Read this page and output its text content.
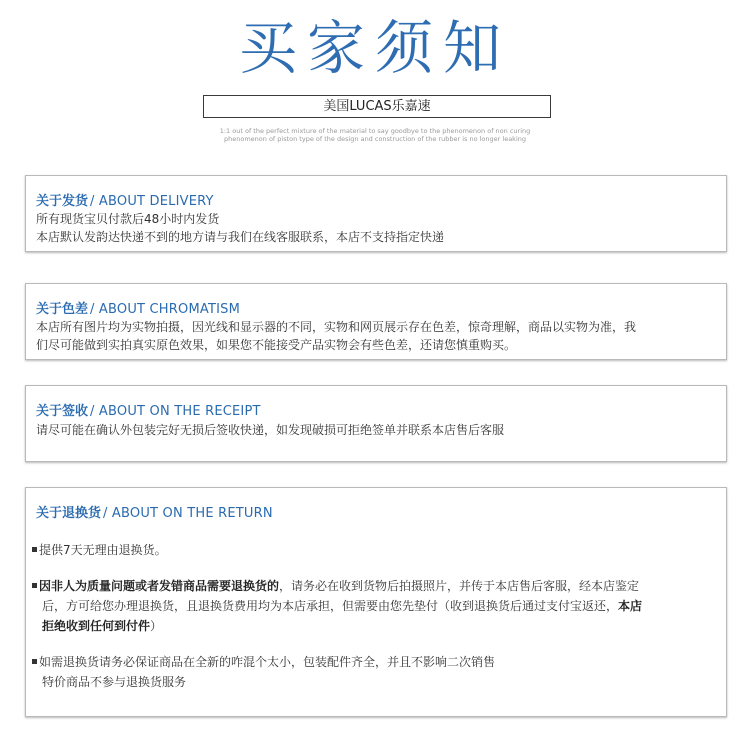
买家须知
美国LUCAS乐嘉速
1:1 out of the perfect mixture of the material to say goodbye to the phenomenon of non curing
phenomenon of piston type of the design and construction of the rubber is no longer leaking
关于发货 / ABOUT DELIVERY
所有现货宝贝付款后48小时内发货
本店默认发韵达快递不到的地方请与我们在线客服联系，本店不支持指定快递
关于色差 / ABOUT CHROMATISM
本店所有图片均为实物拍摄，因光线和显示器的不同，实物和网页展示存在色差，惊奇理解，商品以实物为准，我
们尽可能做到实拍真实原色效果，如果您不能接受产品实物会有些色差，还请您慎重购买。
关于签收 / ABOUT ON THE RECEIPT
请尽可能在确认外包装完好无损后签收快递，如发现破损可拒绝签单并联系本店售后客服
关于退换货 / ABOUT ON THE RETURN
提供7天无理由退换货。
因非人为质量问题或者发错商品需要退换货的，请务必在收到货物后拍摄照片，并传于本店售后客服，经本店鉴定
后，方可给您办理退换货，且退换货费用均为本店承担，但需要由您先垫付（收到退换货后通过支付宝返还，本店
拒绝收到任何到付件）
如需退换货请务必保证商品在全新的咋混个太小，包装配件齐全，并且不影响二次销售
特价商品不参与退换货服务
